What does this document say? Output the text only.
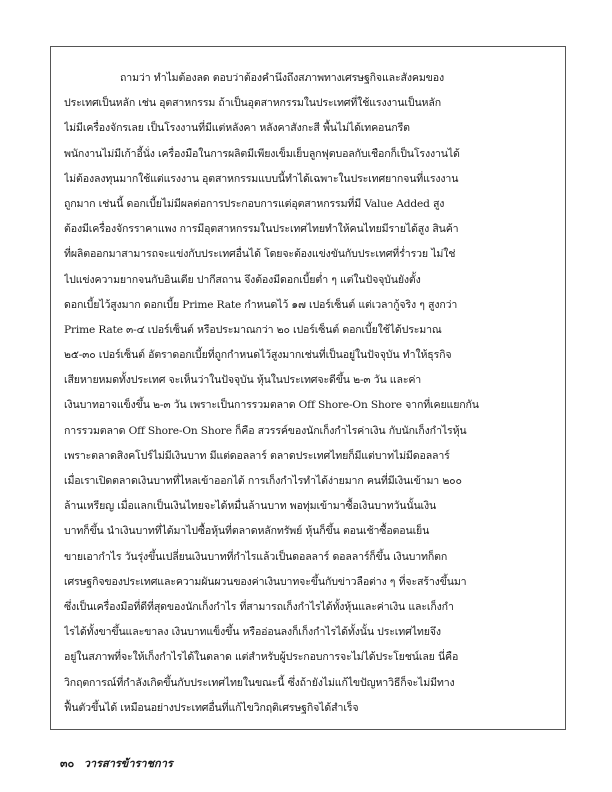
ถามว่า ทำไมต้องลด ตอบว่าต้องคำนึงถึงสภาพทางเศรษฐกิจและสังคมของ
ประเทศเป็นหลัก เช่น อุตสาหกรรม ถ้าเป็นอุตสาหกรรมในประเทศที่ใช้แรงงานเป็นหลัก
ไม่มีเครื่องจักรเลย เป็นโรงงานที่มีแต่หลังคา หลังคาสังกะสี พื้นไม่ได้เทคอนกรีต
พนักงานไม่มีเก้าอี้นั่ง เครื่องมือในการผลิตมีเพียงเข็มเย็บลูกฟุตบอลกับเชือกก็เป็นโรงงานได้
ไม่ต้องลงทุนมากใช้แต่แรงงาน อุตสาหกรรมแบบนี้ทำได้เฉพาะในประเทศยากจนที่แรงงาน
ถูกมาก เช่นนี้ ดอกเบี้ยไม่มีผลต่อการประกอบการแต่อุตสาหกรรมที่มี Value Added สูง
ต้องมีเครื่องจักรราคาแพง การมีอุตสาหกรรมในประเทศไทยทำให้คนไทยมีรายได้สูง สินค้า
ที่ผลิตออกมาสามารถจะแข่งกับประเทศอื่นได้ โดยจะต้องแข่งขันกับประเทศที่ร่ำรวย ไม่ใช่
ไปแข่งความยากจนกับอินเดีย ปากีสถาน จึงต้องมีดอกเบี้ยต่ำ ๆ แต่ในปัจจุบันยังตั้ง
ดอกเบี้ยไว้สูงมาก ดอกเบี้ย Prime Rate กำหนดไว้ ๑๗ เปอร์เซ็นต์ แต่เวลากู้จริง ๆ สูงกว่า
Prime Rate ๓-๔ เปอร์เซ็นต์ หรือประมาณกว่า ๒๐ เปอร์เซ็นต์ ดอกเบี้ยใช้ได้ประมาณ
๒๕-๓๐ เปอร์เซ็นต์ อัตราดอกเบี้ยที่ถูกกำหนดไว้สูงมากเช่นที่เป็นอยู่ในปัจจุบัน ทำให้ธุรกิจ
เสียหายหมดทั้งประเทศ จะเห็นว่าในปัจจุบัน หุ้นในประเทศจะดีขึ้น ๒-๓ วัน และค่า
เงินบาทอาจแข็งขึ้น ๒-๓ วัน เพราะเป็นการรวมตลาด Off Shore-On Shore จากที่เคยแยกกัน
การรวมตลาด Off Shore-On Shore ก็คือ สวรรค์ของนักเก็งกำไรค่าเงิน กับนักเก็งกำไรหุ้น
เพราะตลาดสิงคโปร์ไม่มีเงินบาท มีแต่ดอลลาร์ ตลาดประเทศไทยก็มีแต่บาทไม่มีดอลลาร์
เมื่อเราเปิดตลาดเงินบาทที่ไหลเข้าออกได้ การเก็งกำไรทำได้ง่ายมาก คนที่มีเงินเข้ามา ๒๐๐
ล้านเหรียญ เมื่อแลกเป็นเงินไทยจะได้หมื่นล้านบาท พอทุ่มเข้ามาซื้อเงินบาทวันนั้นเงิน
บาทก็ขึ้น นำเงินบาทที่ได้มาไปซื้อหุ้นที่ตลาดหลักทรัพย์ หุ้นก็ขึ้น ตอนเช้าซื้อตอนเย็น
ขายเอากำไร วันรุ่งขึ้นเปลี่ยนเงินบาทที่กำไรแล้วเป็นดอลลาร์ ดอลลาร์ก็ขึ้น เงินบาทก็ตก
เศรษฐกิจของประเทศและความผันผวนของค่าเงินบาทจะขึ้นกับข่าวลือต่าง ๆ ที่จะสร้างขึ้นมา
ซึ่งเป็นเครื่องมือที่ดีที่สุดของนักเก็งกำไร ที่สามารถเก็งกำไรได้ทั้งหุ้นและค่าเงิน และเก็งกำ
ไรได้ทั้งขาขึ้นและขาลง เงินบาทแข็งขึ้น หรืออ่อนลงก็เก็งกำไรได้ทั้งนั้น ประเทศไทยจึง
อยู่ในสภาพที่จะให้เก็งกำไรได้ในตลาด แต่สำหรับผู้ประกอบการจะไม่ได้ประโยชน์เลย นี่คือ
วิกฤตการณ์ที่กำลังเกิดขึ้นกับประเทศไทยในขณะนี้ ซึ่งถ้ายังไม่แก้ไขปัญหาวิธีก็จะไม่มีทาง
ฟื้นตัวขึ้นได้ เหมือนอย่างประเทศอื่นที่แก้ไขวิกฤติเศรษฐกิจได้สำเร็จ
๓๐ วารสารข้าราชการ
